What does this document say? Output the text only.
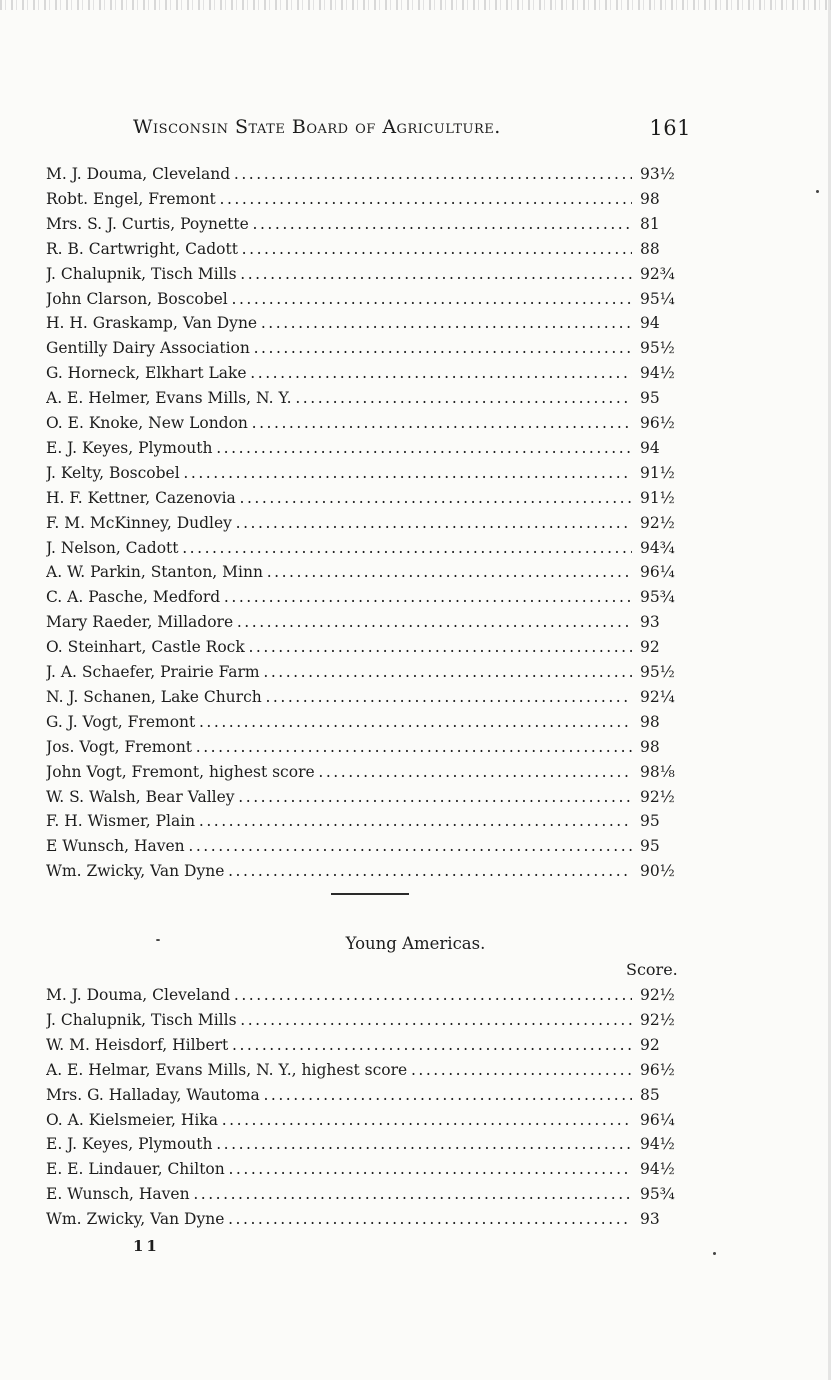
Wisconsin State Board of Agriculture.	161
M. J. Douma, Cleveland . . .	93½
Robt. Engel, Fremont . . .	98
Mrs. S. J. Curtis, Poynette . . .	81
R. B. Cartwright, Cadott . . .	88
J. Chalupnik, Tisch Mills . . .	92¾
John Clarson, Boscobel . . .	95¼
H. H. Graskamp, Van Dyne . . .	94
Gentilly Dairy Association . . .	95½
G. Horneck, Elkhart Lake . . .	94½
A. E. Helmer, Evans Mills, N. Y. . . .	95
O. E. Knoke, New London . . .	96½
E. J. Keyes, Plymouth . . .	94
J. Kelty, Boscobel . . .	91½
H. F. Kettner, Cazenovia . . .	91½
F. M. McKinney, Dudley . . .	92½
J. Nelson, Cadott . . .	94¾
A. W. Parkin, Stanton, Minn . . .	96¼
C. A. Pasche, Medford . . .	95¾
Mary Raeder, Milladore . . .	93
O. Steinhart, Castle Rock . . .	92
J. A. Schaefer, Prairie Farm . . .	95½
N. J. Schanen, Lake Church . . .	92¼
G. J. Vogt, Fremont . . .	98
Jos. Vogt, Fremont . . .	98
John Vogt, Fremont, highest score . . .	98⅛
W. S. Walsh, Bear Valley . . .	92½
F. H. Wismer, Plain . . .	95
E Wunsch, Haven . . .	95
Wm. Zwicky, Van Dyne . . .	90½
Young Americas.
Score.
M. J. Douma, Cleveland . . .	92½
J. Chalupnik, Tisch Mills . . .	92½
W. M. Heisdorf, Hilbert . . .	92
A. E. Helmar, Evans Mills, N. Y., highest score . . .	96½
Mrs. G. Halladay, Wautoma . . .	85
O. A. Kielsmeier, Hika . . .	96¼
E. J. Keyes, Plymouth . . .	94½
E. E. Lindauer, Chilton . . .	94½
E. Wunsch, Haven . . .	95¾
Wm. Zwicky, Van Dyne . . .	93
11
